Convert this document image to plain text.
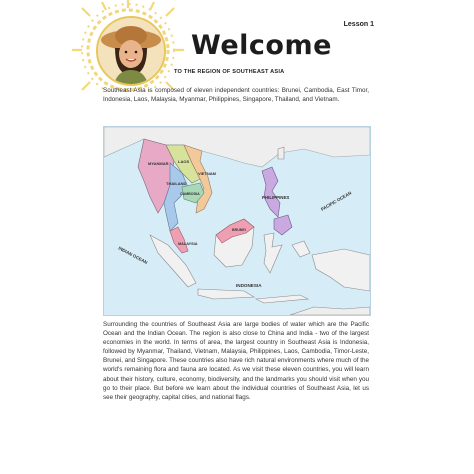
Lesson 1
Welcome
TO THE REGION OF SOUTHEAST ASIA

Southeast Asia is composed of eleven independent countries: Brunei, Cambodia, East Timor, Indonesia, Laos, Malaysia, Myanmar, Philippines, Singapore, Thailand, and Vietnam.

MYANMAR LAOS
THAILAND
VIETNAM
CAMBODIA
PHILIPPINES	PACIFIC OCEAN
INDIAN OCEAN
MALAYSIA
BRUNEI
INDONESIA

Surrounding the countries of Southeast Asia are large bodies of water which are the Pacific Ocean and the Indian Ocean. The region is also close to China and India - two of the largest economies in the world. In terms of area, the largest country in Southeast Asia is Indonesia, followed by Myanmar, Thailand, Vietnam, Malaysia, Philippines, Laos, Cambodia, Timor-Leste, Brunei, and Singapore. These countries also have rich natural environments where much of the world's remaining flora and fauna are located. As we visit these eleven countries, you will learn about their history, culture, economy, biodiversity, and the landmarks you should visit when you go to their place. But before we learn about the individual countries of Southeast Asia, let us see their geography, capital cities, and national flags.
